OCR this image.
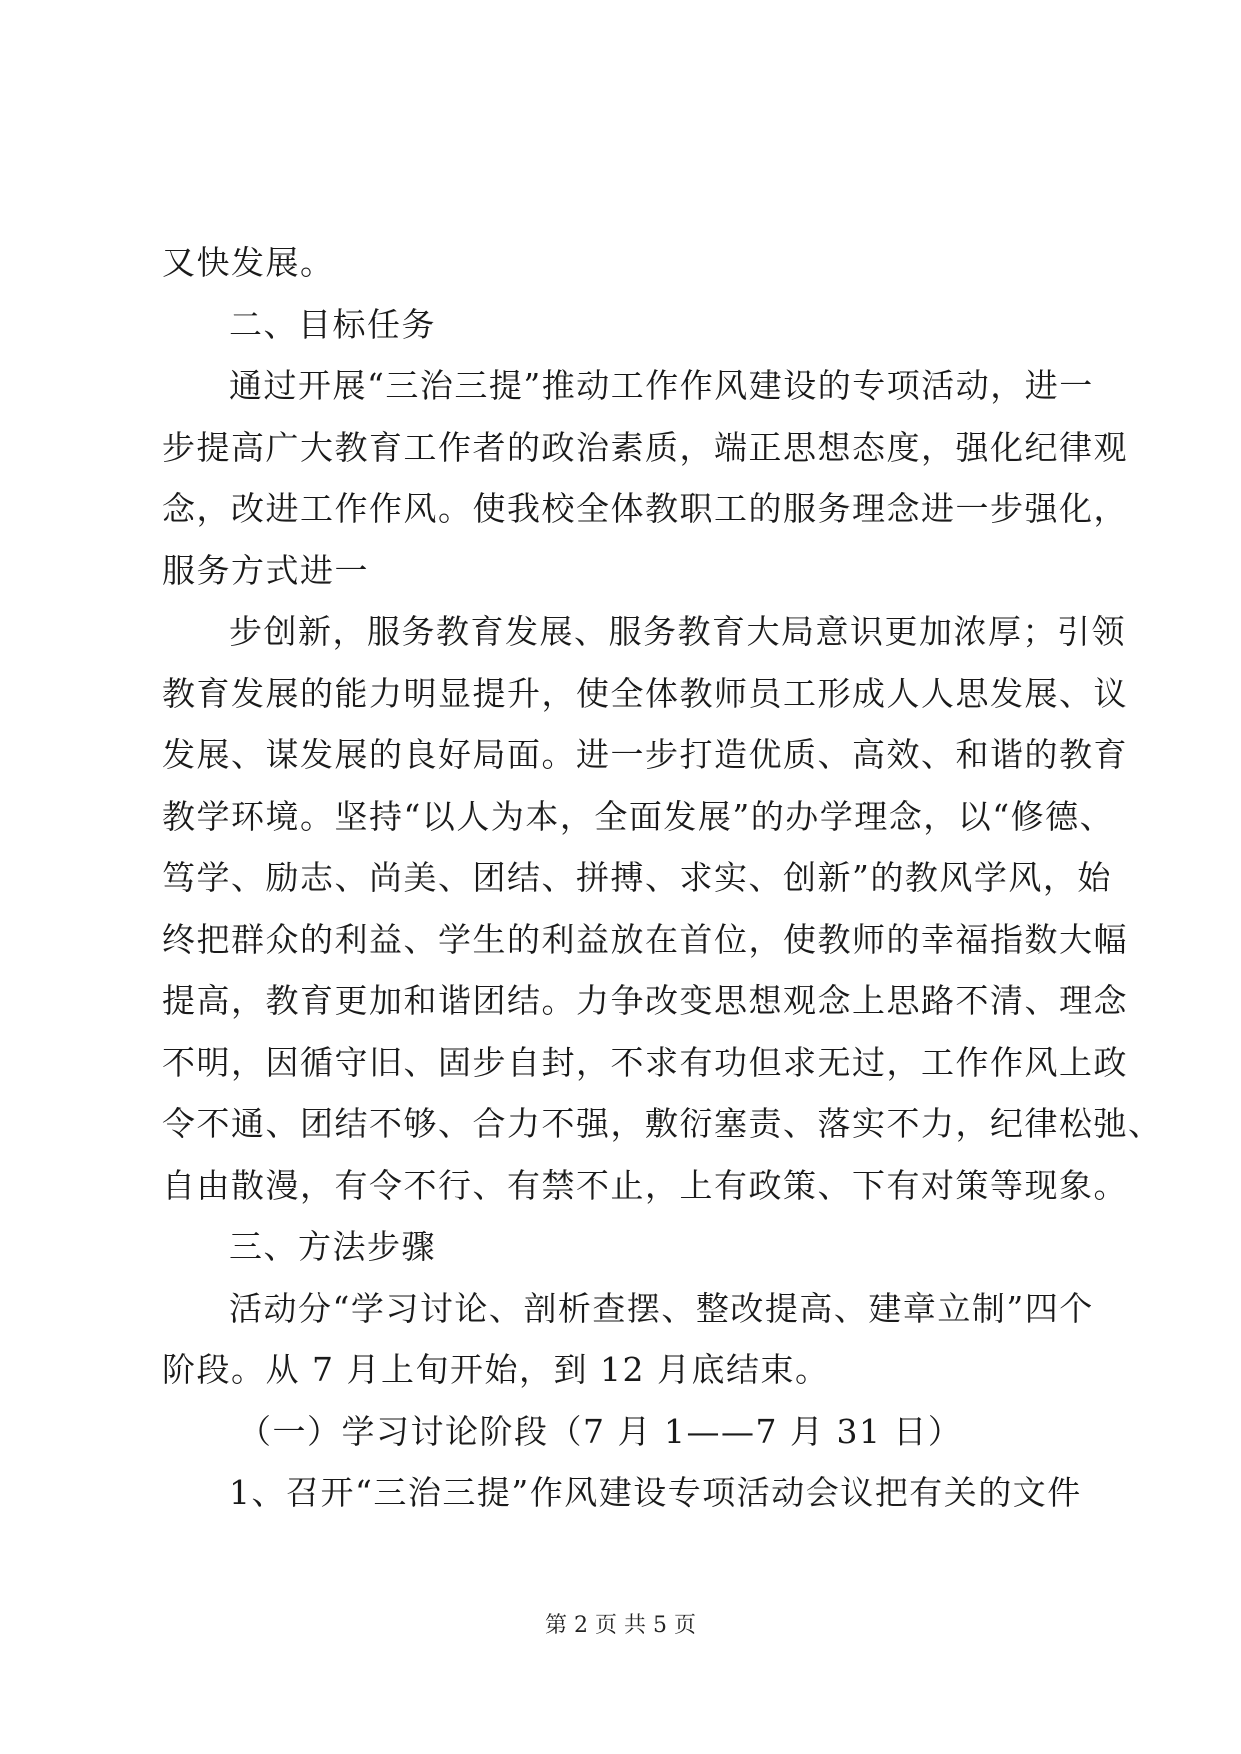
又快发展。
二、目标任务
通过开展“三治三提”推动工作作风建设的专项活动，进一
步提高广大教育工作者的政治素质，端正思想态度，强化纪律观
念，改进工作作风。使我校全体教职工的服务理念进一步强化，
服务方式进一
步创新，服务教育发展、服务教育大局意识更加浓厚；引领
教育发展的能力明显提升，使全体教师员工形成人人思发展、议
发展、谋发展的良好局面。进一步打造优质、高效、和谐的教育
教学环境。坚持“以人为本，全面发展”的办学理念，以“修德、
笃学、励志、尚美、团结、拼搏、求实、创新”的教风学风，始
终把群众的利益、学生的利益放在首位，使教师的幸福指数大幅
提高，教育更加和谐团结。力争改变思想观念上思路不清、理念
不明，因循守旧、固步自封，不求有功但求无过，工作作风上政
令不通、团结不够、合力不强，敷衍塞责、落实不力，纪律松弛、
自由散漫，有令不行、有禁不止，上有政策、下有对策等现象。
三、方法步骤
活动分“学习讨论、剖析查摆、整改提高、建章立制”四个
阶段。从 7 月上旬开始，到 12 月底结束。
（一）学习讨论阶段（7 月 1——7 月 31 日）
1、召开“三治三提”作风建设专项活动会议把有关的文件
第 2 页 共 5 页
